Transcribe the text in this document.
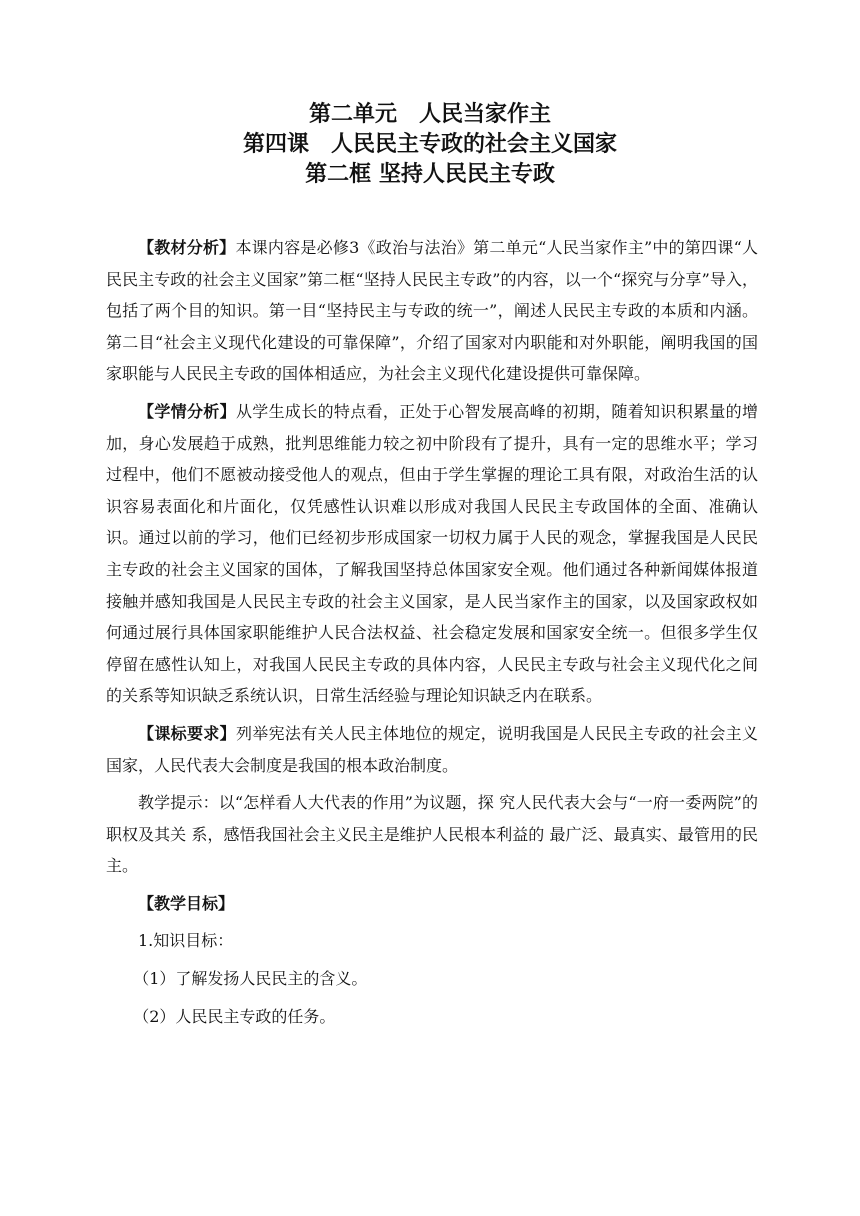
第二单元　人民当家作主
第四课　人民民主专政的社会主义国家
第二框 坚持人民民主专政

【教材分析】本课内容是必修3《政治与法治》第二单元“人民当家作主”中的第四课“人民民主专政的社会主义国家”第二框“坚持人民民主专政”的内容，以一个“探究与分享”导入，包括了两个目的知识。第一目“坚持民主与专政的统一”，阐述人民民主专政的本质和内涵。第二目“社会主义现代化建设的可靠保障”，介绍了国家对内职能和对外职能，阐明我国的国家职能与人民民主专政的国体相适应，为社会主义现代化建设提供可靠保障。

【学情分析】从学生成长的特点看，正处于心智发展高峰的初期，随着知识积累量的增加，身心发展趋于成熟，批判思维能力较之初中阶段有了提升，具有一定的思维水平；学习过程中，他们不愿被动接受他人的观点，但由于学生掌握的理论工具有限，对政治生活的认识容易表面化和片面化，仅凭感性认识难以形成对我国人民民主专政国体的全面、准确认识。通过以前的学习，他们已经初步形成国家一切权力属于人民的观念，掌握我国是人民民主专政的社会主义国家的国体，了解我国坚持总体国家安全观。他们通过各种新闻媒体报道接触并感知我国是人民民主专政的社会主义国家，是人民当家作主的国家，以及国家政权如何通过展行具体国家职能维护人民合法权益、社会稳定发展和国家安全统一。但很多学生仅停留在感性认知上，对我国人民民主专政的具体内容，人民民主专政与社会主义现代化之间的关系等知识缺乏系统认识，日常生活经验与理论知识缺乏内在联系。

【课标要求】列举宪法有关人民主体地位的规定，说明我国是人民民主专政的社会主义国家，人民代表大会制度是我国的根本政治制度。

教学提示：以“怎样看人大代表的作用”为议题，探 究人民代表大会与“一府一委两院”的职权及其关 系，感悟我国社会主义民主是维护人民根本利益的 最广泛、最真实、最管用的民主。

【教学目标】

1.知识目标：

（1）了解发扬人民民主的含义。

（2）人民民主专政的任务。
